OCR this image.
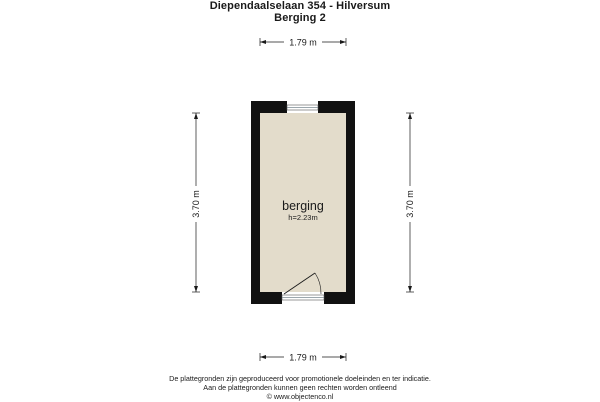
Diependaalselaan 354 - Hilversum
Berging 2
1.79 m
1.79 m
3.70 m	3.70 m
berging
h=2.23m
De plattegronden zijn geproduceerd voor promotionele doeleinden en ter indicatie.
Aan de plattegronden kunnen geen rechten worden ontleend
© www.objectenco.nl
